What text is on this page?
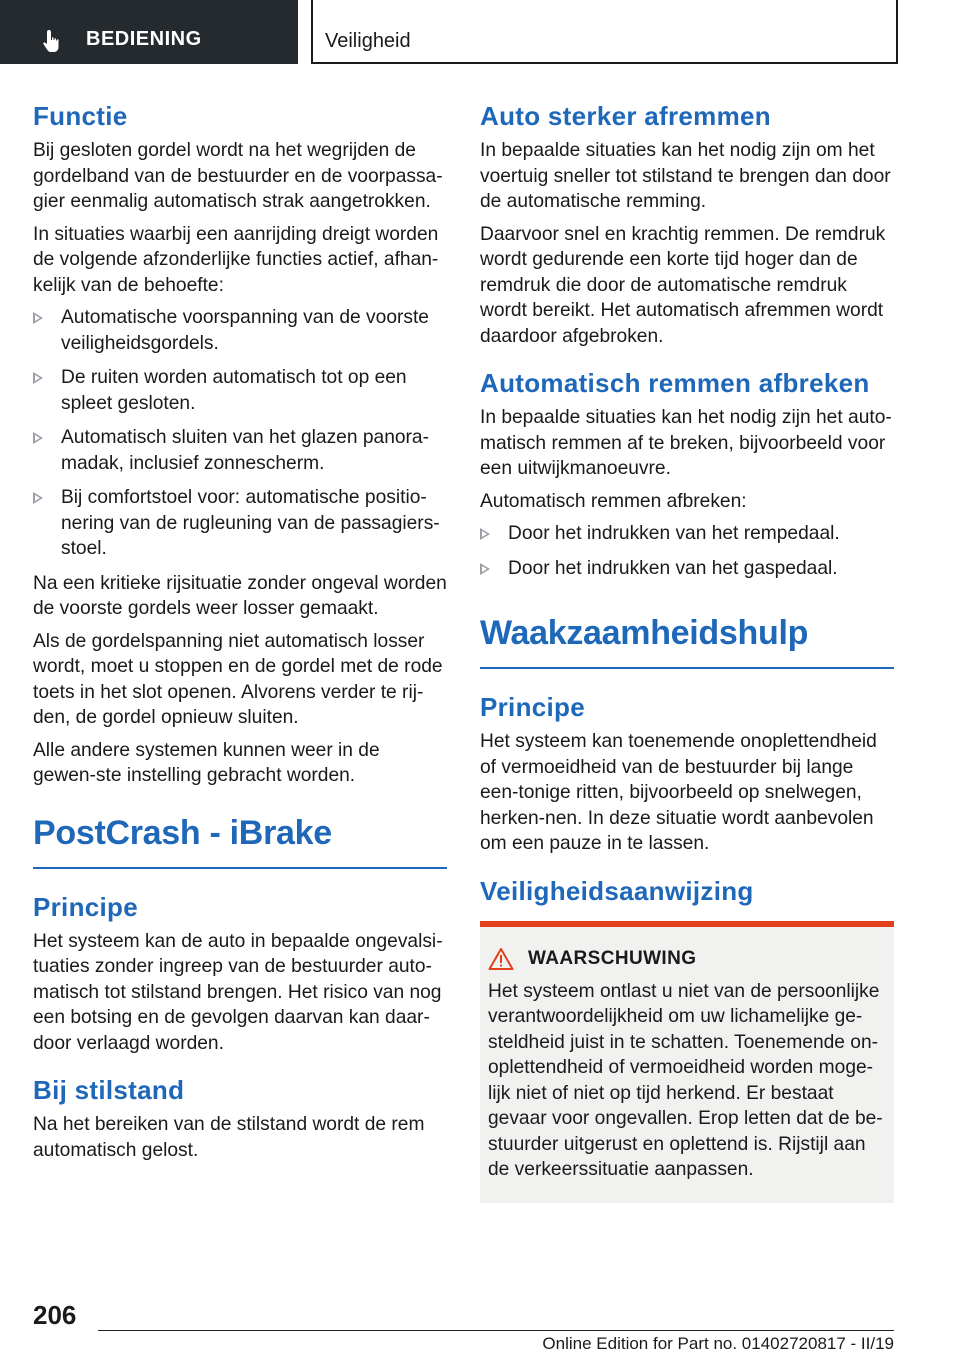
BEDIENING	Veiligheid
Functie

Bij gesloten gordel wordt na het wegrijden de gordelband van de bestuurder en de voorpassa-gier eenmalig automatisch strak aangetrokken.

In situaties waarbij een aanrijding dreigt worden de volgende afzonderlijke functies actief, afhan-kelijk van de behoefte:

Automatische voorspanning van de voorste veiligheidsgordels.
De ruiten worden automatisch tot op een spleet gesloten.
Automatisch sluiten van het glazen panora-madak, inclusief zonnescherm.
Bij comfortstoel voor: automatische positio-nering van de rugleuning van de passagiers-stoel.

Na een kritieke rijsituatie zonder ongeval worden de voorste gordels weer losser gemaakt.

Als de gordelspanning niet automatisch losser wordt, moet u stoppen en de gordel met de rode toets in het slot openen. Alvorens verder te rij-den, de gordel opnieuw sluiten.

Alle andere systemen kunnen weer in de gewen-ste instelling gebracht worden.

PostCrash - iBrake
Principe

Het systeem kan de auto in bepaalde ongevalsi-tuaties zonder ingreep van de bestuurder auto-matisch tot stilstand brengen. Het risico van nog een botsing en de gevolgen daarvan kan daar-door verlaagd worden.

Bij stilstand

Na het bereiken van de stilstand wordt de rem automatisch gelost.

Auto sterker afremmen

In bepaalde situaties kan het nodig zijn om het voertuig sneller tot stilstand te brengen dan door de automatische remming.

Daarvoor snel en krachtig remmen. De remdruk wordt gedurende een korte tijd hoger dan de remdruk die door de automatische remdruk wordt bereikt. Het automatisch afremmen wordt daardoor afgebroken.

Automatisch remmen afbreken

In bepaalde situaties kan het nodig zijn het auto-matisch remmen af te breken, bijvoorbeeld voor een uitwijkmanoeuvre.

Automatisch remmen afbreken:

Door het indrukken van het rempedaal.
Door het indrukken van het gaspedaal.
Waakzaamheidshulp
Principe

Het systeem kan toenemende onoplettendheid of vermoeidheid van de bestuurder bij lange een-tonige ritten, bijvoorbeeld op snelwegen, herken-nen. In deze situatie wordt aanbevolen om een pauze in te lassen.

Veiligheidsaanwijzing
WAARSCHUWING

Het systeem ontlast u niet van de persoonlijke verantwoordelijkheid om uw lichamelijke ge-steldheid juist in te schatten. Toenemende on-oplettendheid of vermoeidheid worden moge-lijk niet of niet op tijd herkend. Er bestaat gevaar voor ongevallen. Erop letten dat de be-stuurder uitgerust en oplettend is. Rijstijl aan de verkeerssituatie aanpassen.

206
Online Edition for Part no. 01402720817 - II/19
